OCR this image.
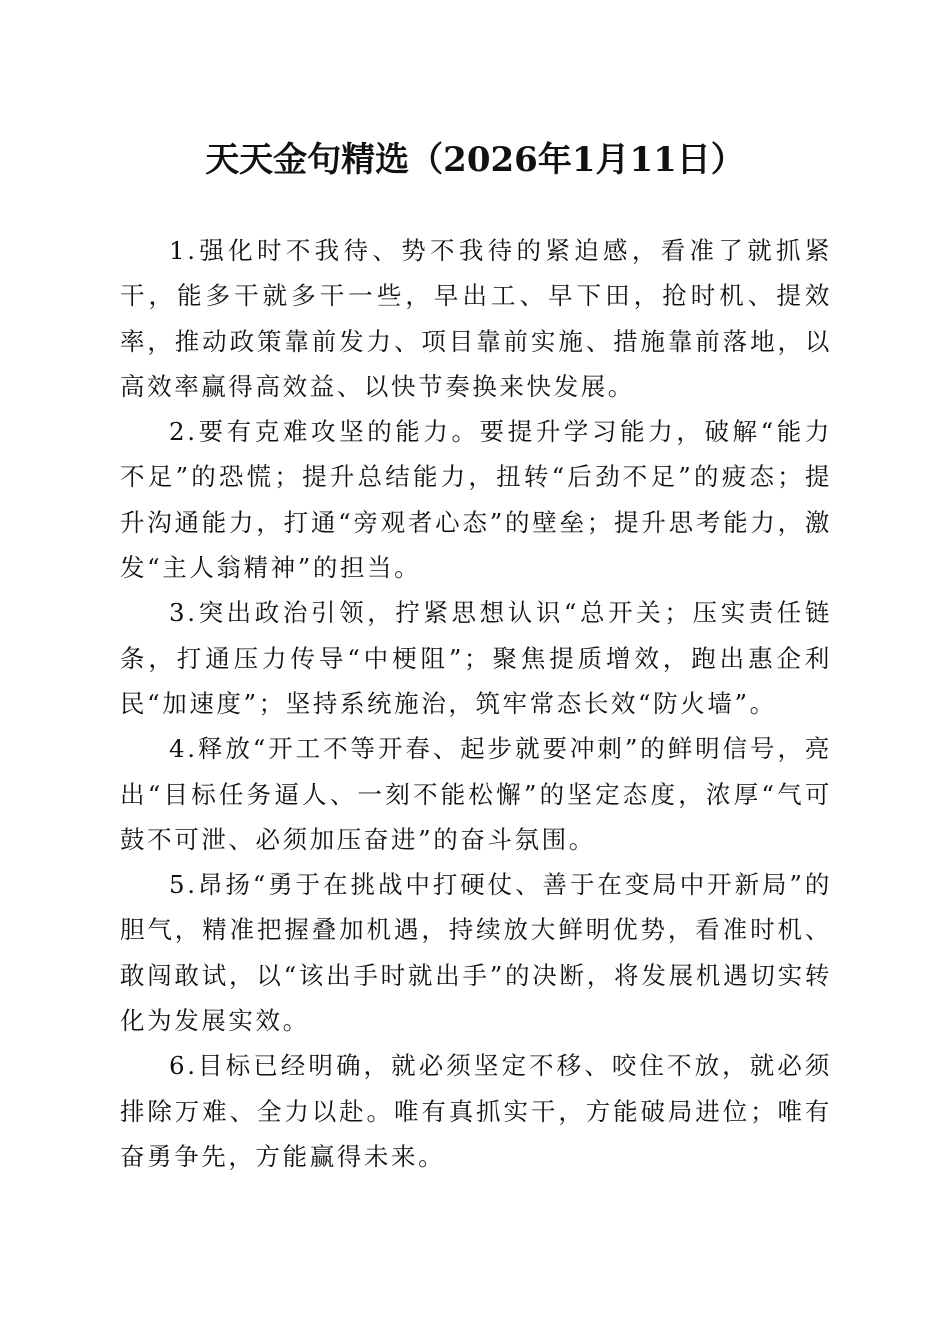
天天金句精选（2026年1月11日）

1.强化时不我待、势不我待的紧迫感，看准了就抓紧干，能多干就多干一些，早出工、早下田，抢时机、提效率，推动政策靠前发力、项目靠前实施、措施靠前落地，以高效率赢得高效益、以快节奏换来快发展。

2.要有克难攻坚的能力。要提升学习能力，破解“能力不足”的恐慌；提升总结能力，扭转“后劲不足”的疲态；提升沟通能力，打通“旁观者心态”的壁垒；提升思考能力，激发“主人翁精神”的担当。

3.突出政治引领，拧紧思想认识“总开关；压实责任链条，打通压力传导“中梗阻”；聚焦提质增效，跑出惠企利民“加速度”；坚持系统施治，筑牢常态长效“防火墙”。

4.释放“开工不等开春、起步就要冲刺”的鲜明信号，亮出“目标任务逼人、一刻不能松懈”的坚定态度，浓厚“气可鼓不可泄、必须加压奋进”的奋斗氛围。

5.昂扬“勇于在挑战中打硬仗、善于在变局中开新局”的胆气，精准把握叠加机遇，持续放大鲜明优势，看准时机、敢闯敢试，以“该出手时就出手”的决断，将发展机遇切实转化为发展实效。

6.目标已经明确，就必须坚定不移、咬住不放，就必须排除万难、全力以赴。唯有真抓实干，方能破局进位；唯有奋勇争先，方能赢得未来。
